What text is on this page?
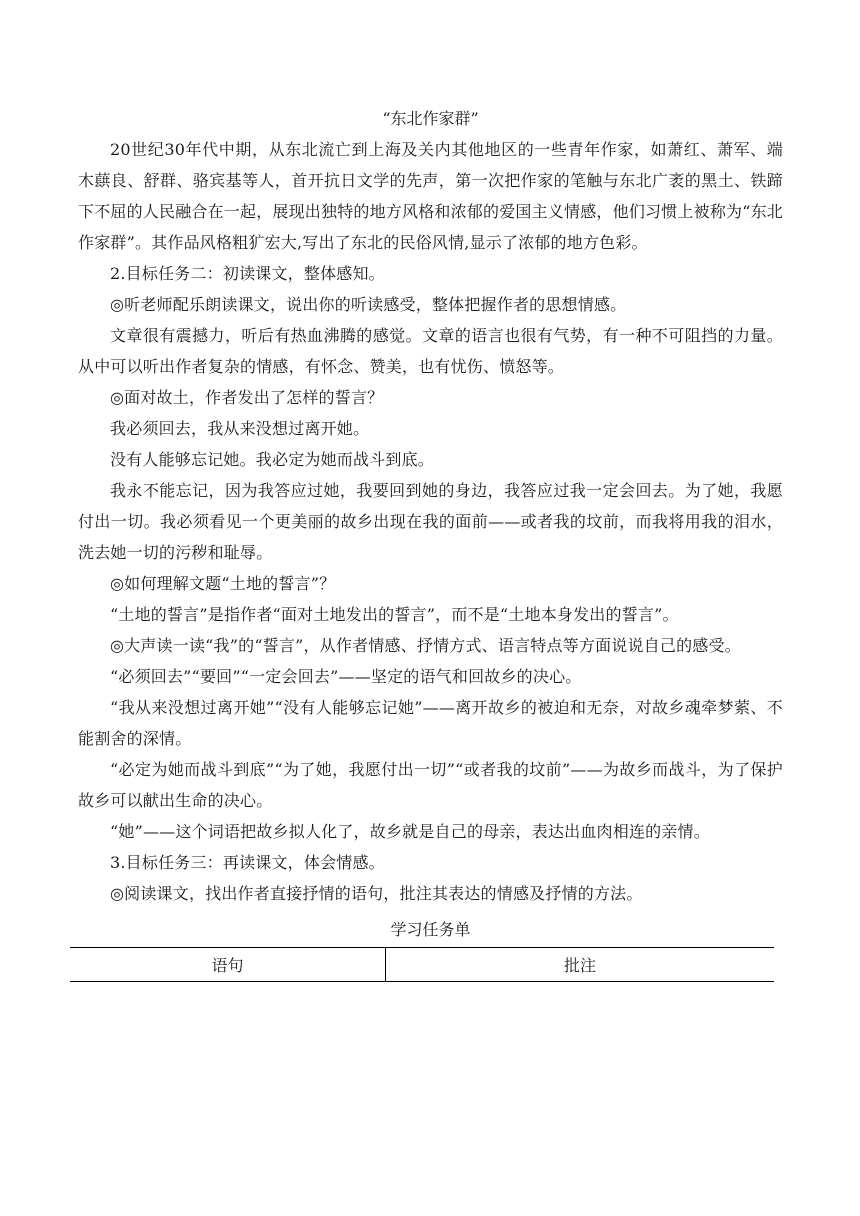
“东北作家群”

20世纪30年代中期，从东北流亡到上海及关内其他地区的一些青年作家，如萧红、萧军、端木蕻良、舒群、骆宾基等人，首开抗日文学的先声，第一次把作家的笔触与东北广袤的黑土、铁蹄下不屈的人民融合在一起，展现出独特的地方风格和浓郁的爱国主义情感，他们习惯上被称为“东北作家群”。其作品风格粗犷宏大,写出了东北的民俗风情,显示了浓郁的地方色彩。

2.目标任务二：初读课文，整体感知。

◎听老师配乐朗读课文，说出你的听读感受，整体把握作者的思想情感。

文章很有震撼力，听后有热血沸腾的感觉。文章的语言也很有气势，有一种不可阻挡的力量。从中可以听出作者复杂的情感，有怀念、赞美，也有忧伤、愤怒等。

◎面对故土，作者发出了怎样的誓言？

我必须回去，我从来没想过离开她。

没有人能够忘记她。我必定为她而战斗到底。

我永不能忘记，因为我答应过她，我要回到她的身边，我答应过我一定会回去。为了她，我愿付出一切。我必须看见一个更美丽的故乡出现在我的面前——或者我的坟前，而我将用我的泪水，洗去她一切的污秽和耻辱。

◎如何理解文题“土地的誓言”？

“土地的誓言”是指作者“面对土地发出的誓言”，而不是“土地本身发出的誓言”。

◎大声读一读“我”的“誓言”，从作者情感、抒情方式、语言特点等方面说说自己的感受。

“必须回去”“要回”“一定会回去”——坚定的语气和回故乡的决心。

“我从来没想过离开她”“没有人能够忘记她”——离开故乡的被迫和无奈，对故乡魂牵梦萦、不能割舍的深情。

“必定为她而战斗到底”“为了她，我愿付出一切”“或者我的坟前”——为故乡而战斗，为了保护故乡可以献出生命的决心。

“她”——这个词语把故乡拟人化了，故乡就是自己的母亲，表达出血肉相连的亲情。

3.目标任务三：再读课文，体会情感。

◎阅读课文，找出作者直接抒情的语句，批注其表达的情感及抒情的方法。

学习任务单

语句	批注
